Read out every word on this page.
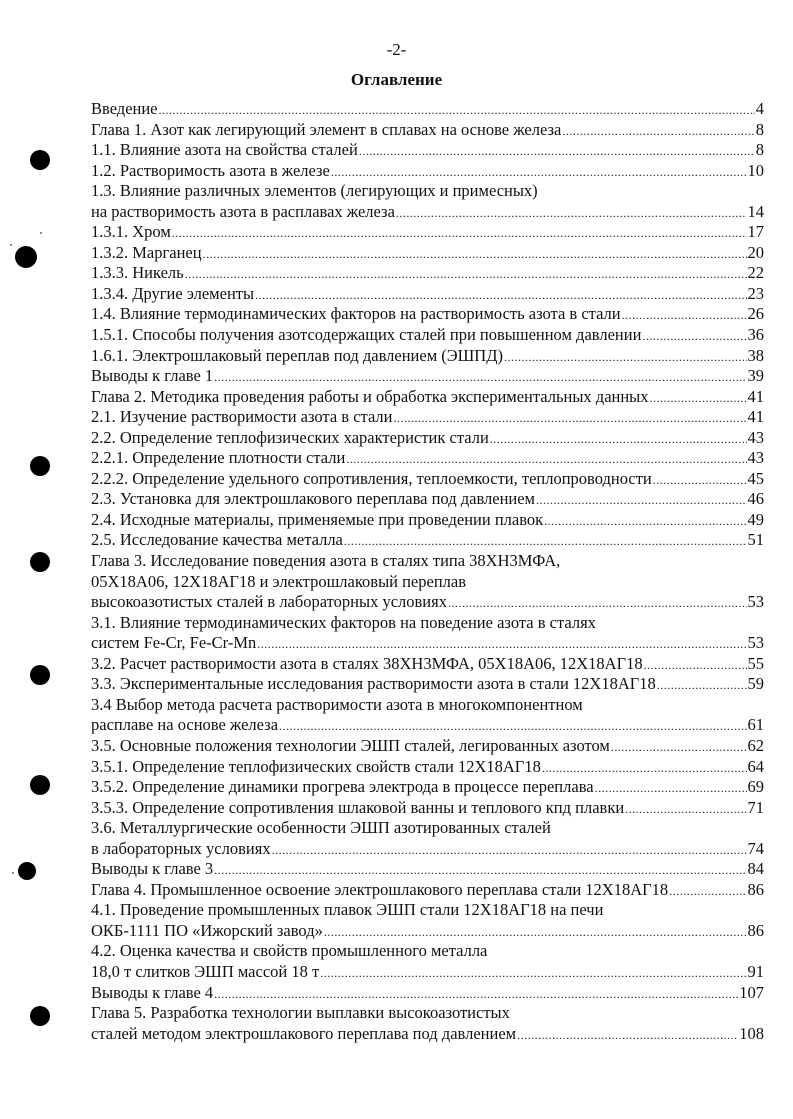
-2-
Оглавление
Введение .....	4
Глава 1. Азот как легирующий элемент в сплавах на основе железа .....	8
1.1. Влияние азота на свойства сталей .....	8
1.2. Растворимость азота в железе .....	10
1.3. Влияние различных элементов (легирующих и примесных)
на растворимость азота в расплавах железа .....	14
1.3.1. Хром .....	17
1.3.2. Марганец .....	20
1.3.3. Никель .....	22
1.3.4. Другие элементы .....	23
1.4. Влияние термодинамических факторов на растворимость азота в стали .....	26
1.5.1. Способы получения азотсодержащих сталей при повышенном давлении .....	36
1.6.1. Электрошлаковый переплав под давлением (ЭШПД) .....	38
Выводы к главе 1 .....	39
Глава 2. Методика проведения работы и обработка экспериментальных данных .....	41
2.1. Изучение растворимости азота в стали .....	41
2.2. Определение теплофизических характеристик стали .....	43
2.2.1. Определение плотности стали .....	43
2.2.2. Определение удельного сопротивления, теплоемкости, теплопроводности .....	45
2.3. Установка для электрошлакового переплава под давлением .....	46
2.4. Исходные материалы, применяемые при проведении плавок .....	49
2.5. Исследование качества металла .....	51
Глава 3. Исследование поведения азота в сталях типа 38ХН3МФА,
05Х18А06, 12Х18АГ18 и электрошлаковый переплав
высокоазотистых сталей в лабораторных условиях .....	53
3.1. Влияние термодинамических факторов на поведение азота в сталях
систем Fe-Cr, Fe-Cr-Mn .....	53
3.2. Расчет растворимости азота в сталях 38ХН3МФА, 05Х18А06, 12Х18АГ18 .....	55
3.3. Экспериментальные исследования растворимости азота в стали 12Х18АГ18 .....	59
3.4 Выбор метода расчета растворимости азота в многокомпонентном
расплаве на основе железа .....	61
3.5. Основные положения технологии ЭШП сталей, легированных азотом .....	62
3.5.1. Определение теплофизических свойств стали 12Х18АГ18 .....	64
3.5.2. Определение динамики прогрева электрода в процессе переплава .....	69
3.5.3. Определение сопротивления шлаковой ванны и теплового кпд плавки .....	71
3.6. Металлургические особенности ЭШП азотированных сталей
в лабораторных условиях .....	74
Выводы к главе 3 .....	84
Глава 4. Промышленное освоение электрошлакового переплава стали 12Х18АГ18 .....	86
4.1. Проведение промышленных плавок ЭШП стали 12Х18АГ18 на печи
ОКБ-1111 ПО «Ижорский завод» .....	86
4.2. Оценка качества и свойств промышленного металла
18,0 т слитков ЭШП массой 18 т .....	91
Выводы к главе 4 .....	107
Глава 5. Разработка технологии выплавки высокоазотистых
сталей методом электрошлакового переплава под давлением .....	108
